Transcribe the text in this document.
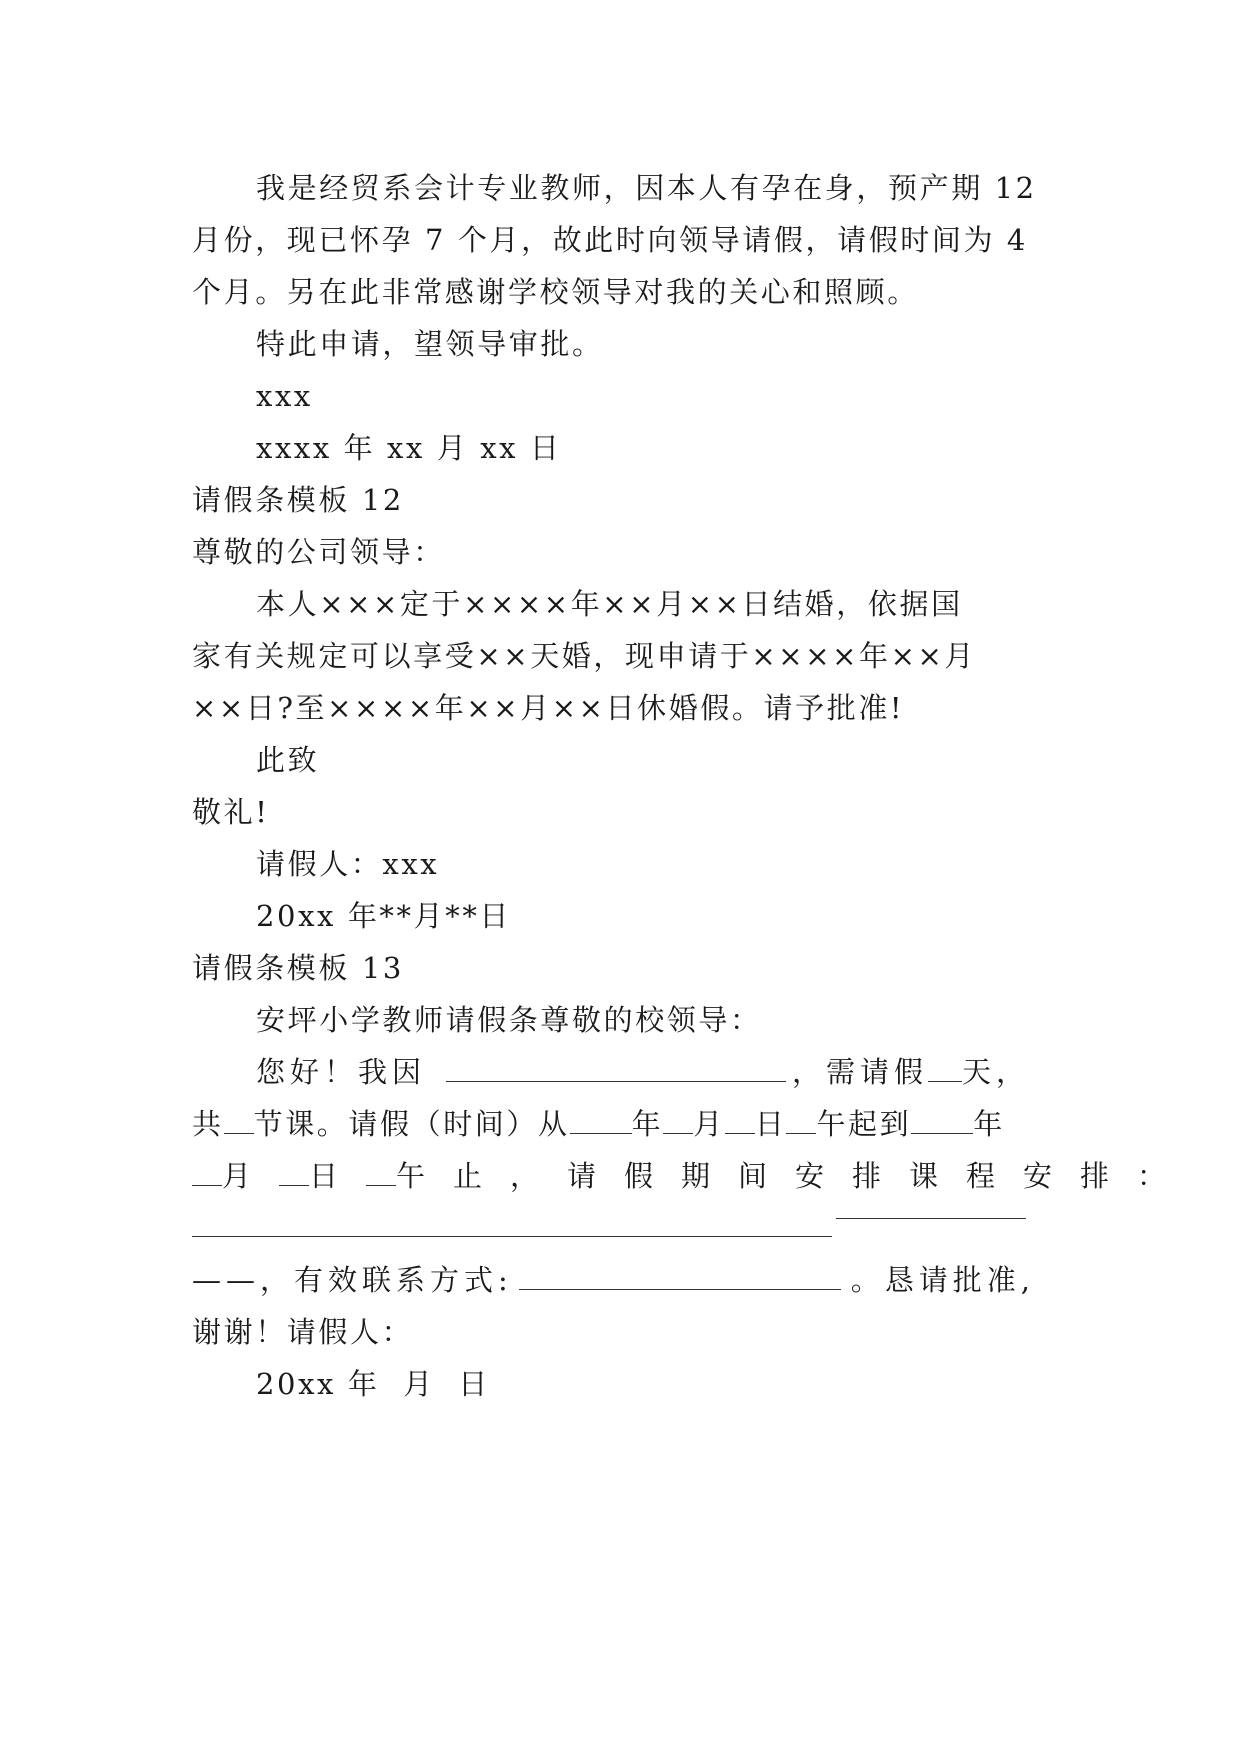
我是经贸系会计专业教师，因本人有孕在身，预产期 12
月份，现已怀孕 7 个月，故此时向领导请假，请假时间为 4
个月。另在此非常感谢学校领导对我的关心和照顾。
特此申请，望领导审批。
xxx
xxxx 年 xx 月 xx 日
请假条模板 12
尊敬的公司领导：
本人×××定于××××年××月××日结婚，依据国
家有关规定可以享受××天婚，现申请于××××年××月
××日?至××××年××月××日休婚假。请予批准!
此致
敬礼!
请假人：xxx
20xx 年**月**日
请假条模板 13
安坪小学教师请假条尊敬的校领导：
您好！我因	，需请假 天，
共 节课。请假（时间）从 年 月 日 午起到 年
月 日 午止，请假期间安排课程安排：
——，有效联系方式:	。恳请批准,
谢谢！请假人：
20xx 年  月  日
